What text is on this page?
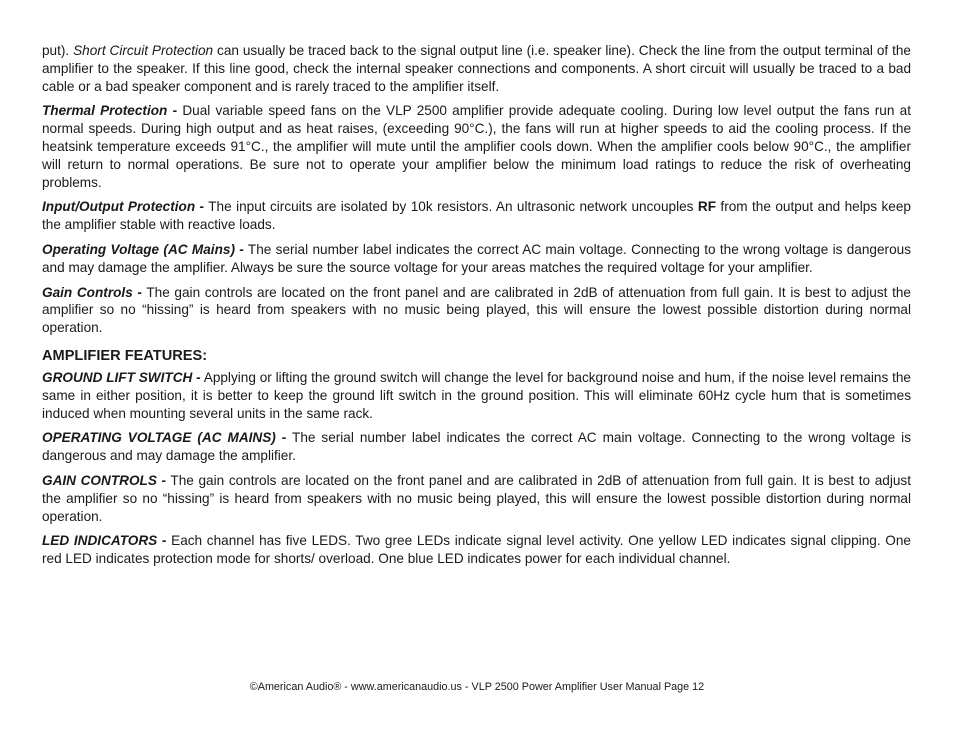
put). Short Circuit Protection can usually be traced back to the signal output line (i.e. speaker line). Check the line from the output terminal of the amplifier to the speaker. If this line good, check the internal speaker connections and components. A short circuit will usually be traced to a bad cable or a bad speaker component and is rarely traced to the amplifier itself.

Thermal Protection - Dual variable speed fans on the VLP 2500 amplifier provide adequate cooling. During low level output the fans run at normal speeds. During high output and as heat raises, (exceeding 90°C.), the fans will run at higher speeds to aid the cooling process. If the heatsink temperature exceeds 91°C., the amplifier will mute until the amplifier cools down. When the amplifier cools below 90°C., the amplifier will return to normal operations. Be sure not to operate your amplifier below the minimum load ratings to reduce the risk of overheating problems.

Input/Output Protection - The input circuits are isolated by 10k resistors. An ultrasonic network uncouples RF from the output and helps keep the amplifier stable with reactive loads.

Operating Voltage (AC Mains) - The serial number label indicates the correct AC main voltage. Connecting to the wrong voltage is dangerous and may damage the amplifier. Always be sure the source voltage for your areas matches the required voltage for your amplifier.

Gain Controls - The gain controls are located on the front panel and are calibrated in 2dB of attenuation from full gain. It is best to adjust the amplifier so no “hissing” is heard from speakers with no music being played, this will ensure the lowest possible distortion during normal operation.

AMPLIFIER FEATURES:

GROUND LIFT SWITCH - Applying or lifting the ground switch will change the level for background noise and hum, if the noise level remains the same in either position, it is better to keep the ground lift switch in the ground position. This will eliminate 60Hz cycle hum that is sometimes induced when mounting several units in the same rack.

OPERATING VOLTAGE (AC MAINS) - The serial number label indicates the correct AC main voltage. Connecting to the wrong voltage is dangerous and may damage the amplifier.

GAIN CONTROLS - The gain controls are located on the front panel and are calibrated in 2dB of attenuation from full gain. It is best to adjust the amplifier so no “hissing” is heard from speakers with no music being played, this will ensure the lowest possible distortion during normal operation.

LED INDICATORS - Each channel has five LEDS. Two gree LEDs indicate signal level activity. One yellow LED indicates signal clipping. One red LED indicates protection mode for shorts/ overload. One blue LED indicates power for each individual channel.

©American Audio® - www.americanaudio.us - VLP 2500 Power Amplifier User Manual Page 12
